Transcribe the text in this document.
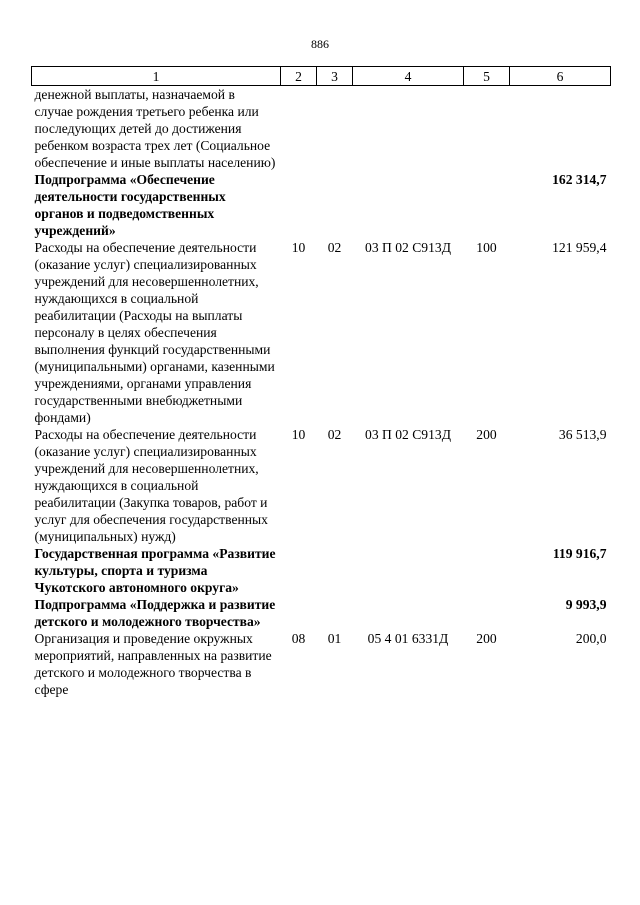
886
1	2	3	4	5	6
денежной выплаты, назначаемой в случае рождения третьего ребенка или последующих детей до достижения ребенком возраста трех лет (Социальное обеспечение и иные выплаты населению)					
Подпрограмма «Обеспечение деятельности государственных органов и подведомственных учреждений»					162 314,7
Расходы на обеспечение деятельности (оказание услуг) специализированных учреждений для несовершеннолетних, нуждающихся в социальной реабилитации (Расходы на выплаты персоналу в целях обеспечения выполнения функций государственными (муниципальными) органами, казенными учреждениями, органами управления государственными внебюджетными фондами)	10	02	03 П 02 С913Д	100	121 959,4
Расходы на обеспечение деятельности (оказание услуг) специализированных учреждений для несовершеннолетних, нуждающихся в социальной реабилитации (Закупка товаров, работ и услуг для обеспечения государственных (муниципальных) нужд)	10	02	03 П 02 С913Д	200	36 513,9
Государственная программа «Развитие культуры, спорта и туризма Чукотского автономного округа»					119 916,7
Подпрограмма «Поддержка и развитие детского и молодежного творчества»					9 993,9
Организация и проведение окружных мероприятий, направленных на развитие детского и молодежного творчества в сфере	08	01	05 4 01 6331Д	200	200,0
